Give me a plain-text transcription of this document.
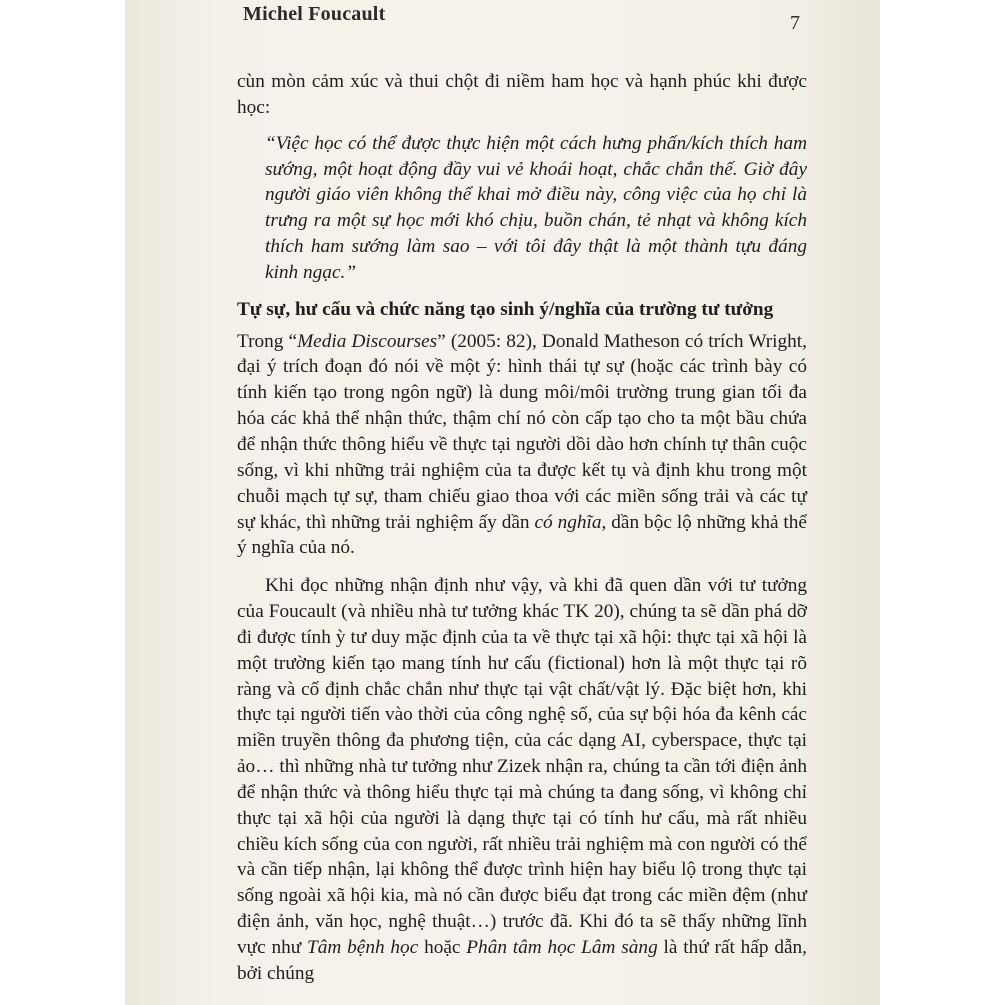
Michel Foucault	7

cùn mòn cảm xúc và thui chột đi niềm ham học và hạnh phúc khi được học:

“Việc học có thể được thực hiện một cách hưng phấn/kích thích ham sướng, một hoạt động đầy vui vẻ khoái hoạt, chắc chắn thế. Giờ đây người giáo viên không thể khai mở điều này, công việc của họ chỉ là trưng ra một sự học mới khó chịu, buồn chán, tẻ nhạt và không kích thích ham sướng làm sao – với tôi đây thật là một thành tựu đáng kinh ngạc.”

Tự sự, hư cấu và chức năng tạo sinh ý/nghĩa của trường tư tưởng

Trong “Media Discourses” (2005: 82), Donald Matheson có trích Wright, đại ý trích đoạn đó nói về một ý: hình thái tự sự (hoặc các trình bày có tính kiến tạo trong ngôn ngữ) là dung môi/môi trường trung gian tối đa hóa các khả thể nhận thức, thậm chí nó còn cấp tạo cho ta một bầu chứa để nhận thức thông hiểu về thực tại người dồi dào hơn chính tự thân cuộc sống, vì khi những trải nghiệm của ta được kết tụ và định khu trong một chuỗi mạch tự sự, tham chiếu giao thoa với các miền sống trải và các tự sự khác, thì những trải nghiệm ấy dần có nghĩa, dần bộc lộ những khả thể ý nghĩa của nó.

Khi đọc những nhận định như vậy, và khi đã quen dần với tư tưởng của Foucault (và nhiều nhà tư tưởng khác TK 20), chúng ta sẽ dần phá dỡ đi được tính ỳ tư duy mặc định của ta về thực tại xã hội: thực tại xã hội là một trường kiến tạo mang tính hư cấu (fictional) hơn là một thực tại rõ ràng và cố định chắc chắn như thực tại vật chất/vật lý. Đặc biệt hơn, khi thực tại người tiến vào thời của công nghệ số, của sự bội hóa đa kênh các miền truyền thông đa phương tiện, của các dạng AI, cyberspace, thực tại ảo… thì những nhà tư tưởng như Zizek nhận ra, chúng ta cần tới điện ảnh để nhận thức và thông hiểu thực tại mà chúng ta đang sống, vì không chỉ thực tại xã hội của người là dạng thực tại có tính hư cấu, mà rất nhiều chiều kích sống của con người, rất nhiều trải nghiệm mà con người có thể và cần tiếp nhận, lại không thể được trình hiện hay biểu lộ trong thực tại sống ngoài xã hội kia, mà nó cần được biểu đạt trong các miền đệm (như điện ảnh, văn học, nghệ thuật…) trước đã. Khi đó ta sẽ thấy những lĩnh vực như Tâm bệnh học hoặc Phân tâm học Lâm sàng là thứ rất hấp dẫn, bởi chúng
